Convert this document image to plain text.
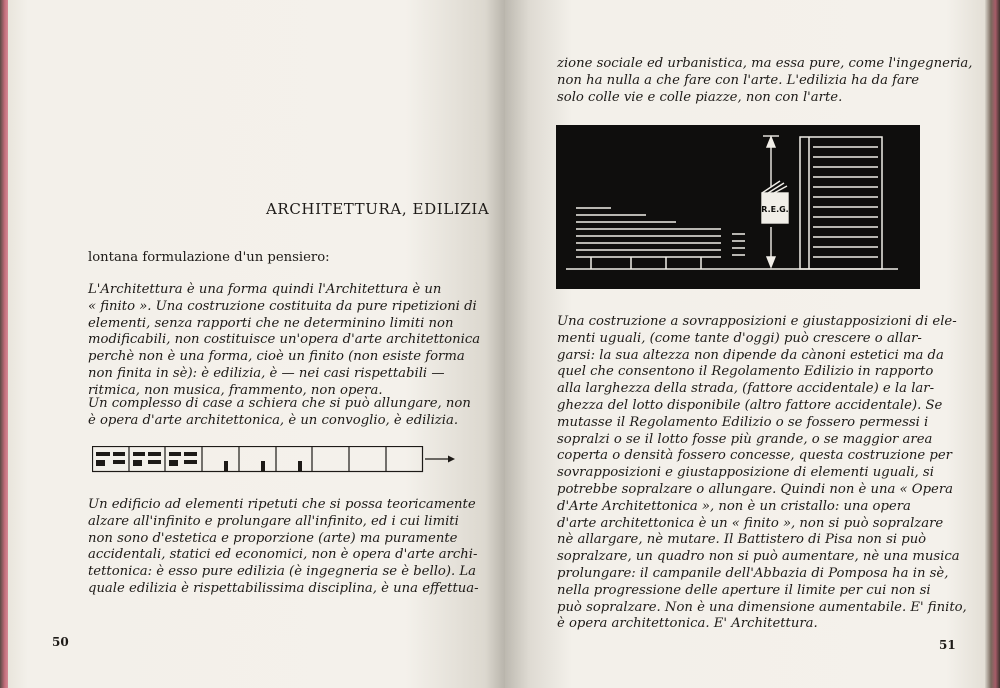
ARCHITETTURA, EDILIZIA
lontana formulazione d'un pensiero:
L'Architettura è una forma quindi l'Architettura è un
« finito ». Una costruzione costituita da pure ripetizioni di
elementi, senza rapporti che ne determinino limiti non
modificabili, non costituisce un'opera d'arte architettonica
perchè non è una forma, cioè un finito (non esiste forma
non finita in sè): è edilizia, è — nei casi rispettabili —
ritmica, non musica, frammento, non opera.
Un complesso di case a schiera che si può allungare, non
è opera d'arte architettonica, è un convoglio, è edilizia.
Un edificio ad elementi ripetuti che si possa teoricamente
alzare all'infinito e prolungare all'infinito, ed i cui limiti
non sono d'estetica e proporzione (arte) ma puramente
accidentali, statici ed economici, non è opera d'arte archi-
tettonica: è esso pure edilizia (è ingegneria se è bello). La
quale edilizia è rispettabilissima disciplina, è una effettua-
50
zione sociale ed urbanistica, ma essa pure, come l'ingegneria,
non ha nulla a che fare con l'arte. L'edilizia ha da fare
solo colle vie e colle piazze, non con l'arte.
R.E.G.
Una costruzione a sovrapposizioni e giustapposizioni di ele-
menti uguali, (come tante d'oggi) può crescere o allar-
garsi: la sua altezza non dipende da cànoni estetici ma da
quel che consentono il Regolamento Edilizio in rapporto
alla larghezza della strada, (fattore accidentale) e la lar-
ghezza del lotto disponibile (altro fattore accidentale). Se
mutasse il Regolamento Edilizio o se fossero permessi i
sopralzi o se il lotto fosse più grande, o se maggior area
coperta o densità fossero concesse, questa costruzione per
sovrapposizioni e giustapposizione di elementi uguali, si
potrebbe sopralzare o allungare. Quindi non è una « Opera
d'Arte Architettonica », non è un cristallo: una opera
d'arte architettonica è un « finito », non si può sopralzare
nè allargare, nè mutare. Il Battistero di Pisa non si può
sopralzare, un quadro non si può aumentare, nè una musica
prolungare: il campanile dell'Abbazia di Pomposa ha in sè,
nella progressione delle aperture il limite per cui non si
può sopralzare. Non è una dimensione aumentabile. E' finito,
è opera architettonica. E' Architettura.
51
